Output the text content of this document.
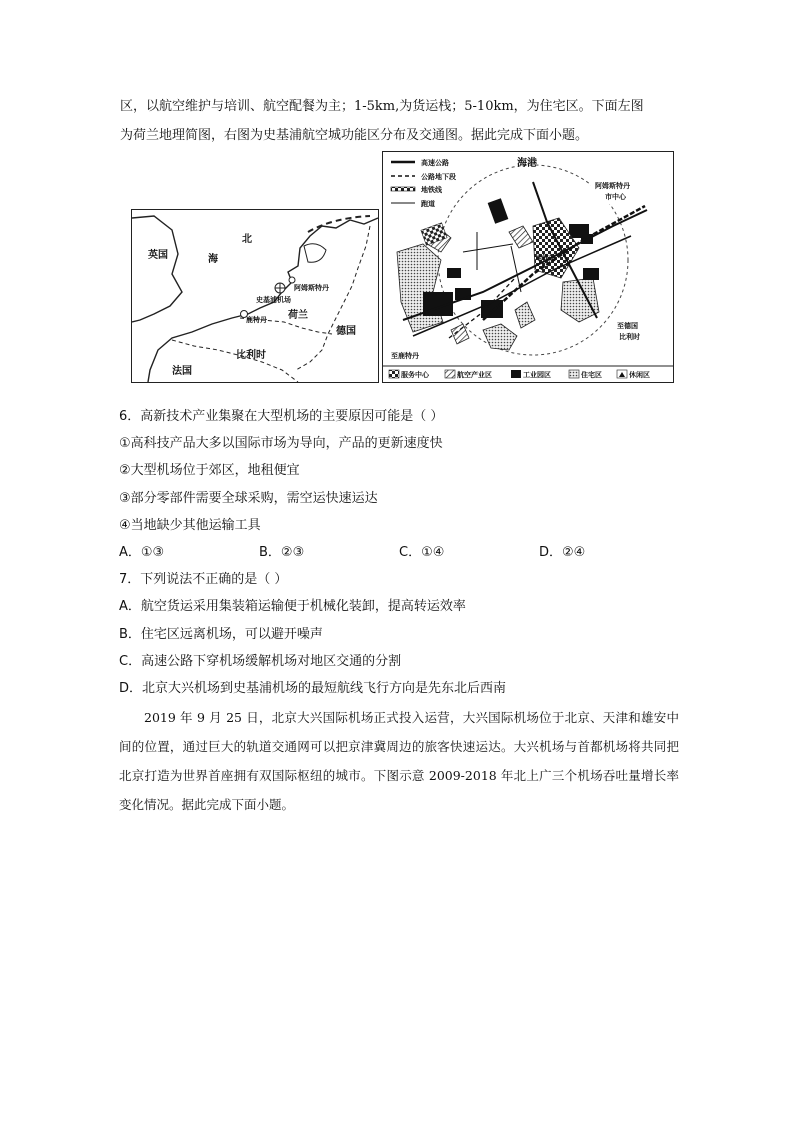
区，以航空维护与培训、航空配餐为主；1-5km,为货运栈；5-10km，为住宅区。下面左图

为荷兰地理简图，右图为史基浦航空城功能区分布及交通图。据此完成下面小题。

英国
北
海
阿姆斯特丹
史基浦机场
鹿特丹 荷兰
德国
比利时
法国
高速公路
公路地下段
地铁线
跑道
海港
阿姆斯特丹
市中心
地铁站
至德国
比利时
至鹿特丹
服务中心	航空产业区	工业园区	住宅区	休闲区
6．高新技术产业集聚在大型机场的主要原因可能是（ ）
①高科技产品大多以国际市场为导向，产品的更新速度快
②大型机场位于郊区，地租便宜
③部分零部件需要全球采购，需空运快速运达
④当地缺少其他运输工具
A．①③	B．②③	C．①④	D．②④
7．下列说法不正确的是（ ）
A．航空货运采用集装箱运输便于机械化装卸，提高转运效率
B．住宅区远离机场，可以避开噪声
C．高速公路下穿机场缓解机场对地区交通的分割
D．北京大兴机场到史基浦机场的最短航线飞行方向是先东北后西南

2019 年 9 月 25 日，北京大兴国际机场正式投入运营，大兴国际机场位于北京、天津和雄安中间的位置，通过巨大的轨道交通网可以把京津冀周边的旅客快速运达。大兴机场与首都机场将共同把北京打造为世界首座拥有双国际枢纽的城市。下图示意 2009-2018 年北上广三个机场吞吐量增长率变化情况。据此完成下面小题。
